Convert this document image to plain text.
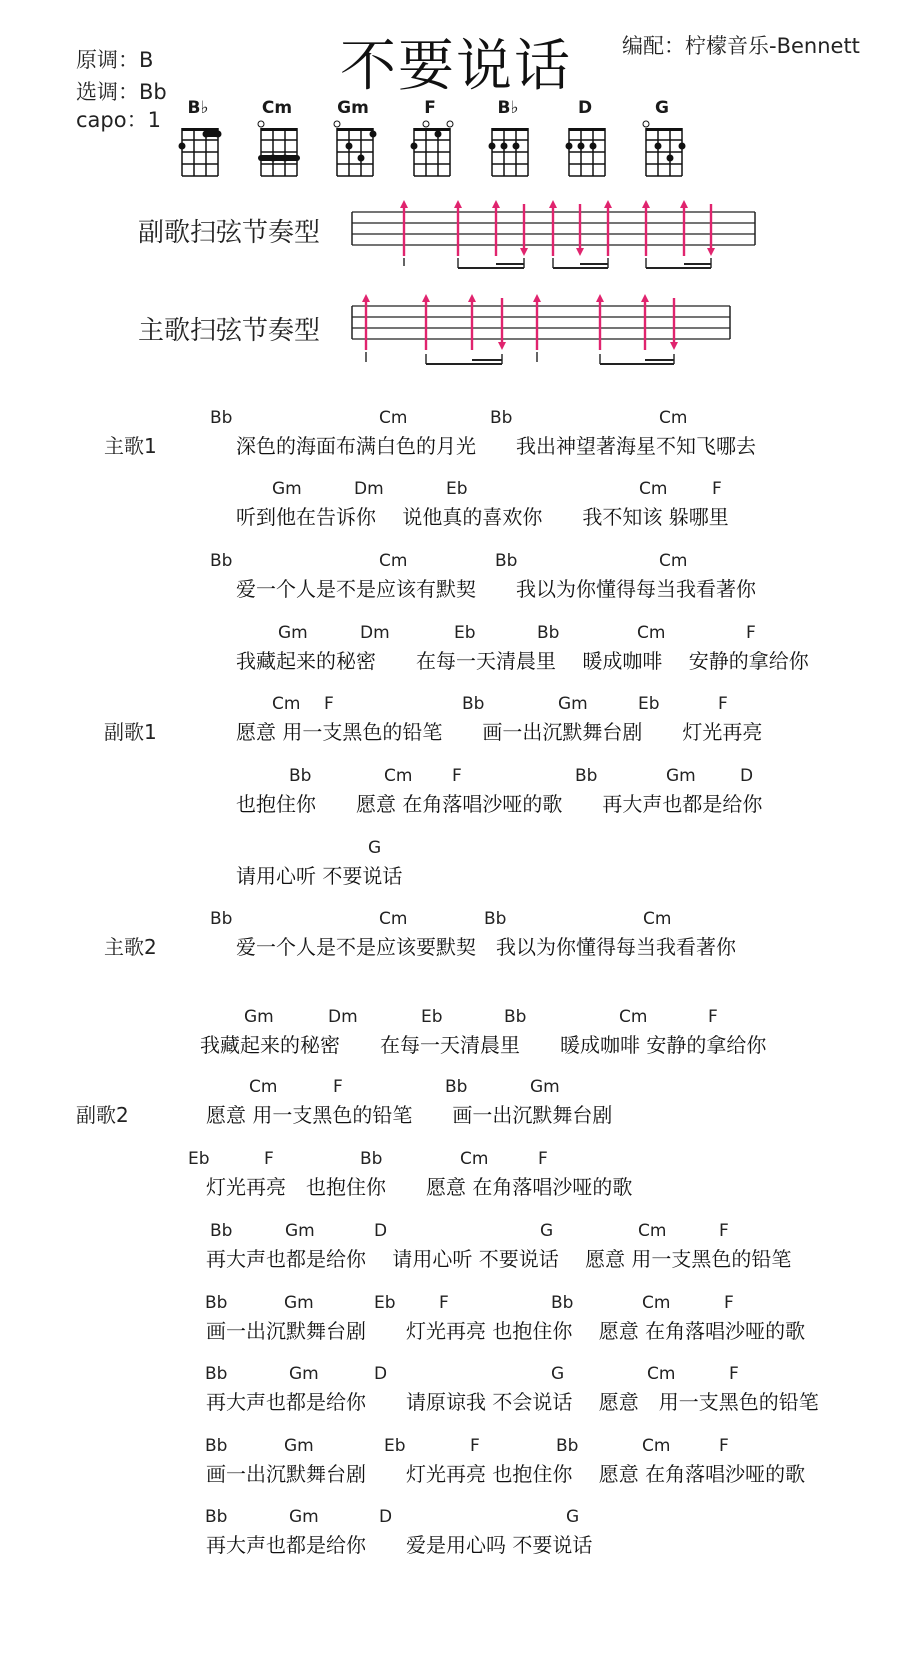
不要说话 编配：柠檬音乐-Bennett
原调：B
选调：Bb
capo：1 B♭	Cm	Gm	F	B♭	D	G
副歌扫弦节奏型
主歌扫弦节奏型
主歌1
副歌1
主歌2
副歌2
深色的海面布满白色的月光　　我出神望著海星不知飞哪去
Bb	Cm	Bb	Cm
听到他在告诉你　 说他真的喜欢你　　我不知该 躲哪里
Gm	Dm	Eb	Cm	F
爱一个人是不是应该有默契　　我以为你懂得每当我看著你
Bb	Cm	Bb	Cm
我藏起来的秘密　　在每一天清晨里　 暖成咖啡　 安静的拿给你
Gm	Dm	Eb	Bb	Cm	F
愿意 用一支黑色的铅笔　　画一出沉默舞台剧　　灯光再亮
Cm F	Bb	Gm	Eb	F
也抱住你　　愿意 在角落唱沙哑的歌　　再大声也都是给你
Bb	Cm F	Bb	Gm	D
请用心听 不要说话
G
爱一个人是不是应该要默契　我以为你懂得每当我看著你
Bb	Cm	Bb	Cm
我藏起来的秘密　　在每一天清晨里　　暖成咖啡 安静的拿给你
Gm	Dm	Eb	Bb	Cm	F
愿意 用一支黑色的铅笔　　画一出沉默舞台剧
Cm	F	Bb	Gm
灯光再亮　也抱住你　　愿意 在角落唱沙哑的歌
Eb	F	Bb	Cm	F
再大声也都是给你　 请用心听 不要说话　 愿意 用一支黑色的铅笔
Bb	Gm	D	G	Cm	F
画一出沉默舞台剧　　灯光再亮 也抱住你　 愿意 在角落唱沙哑的歌
Bb	Gm	Eb	F	Bb	Cm	F
再大声也都是给你　　请原谅我 不会说话　 愿意　用一支黑色的铅笔
Bb	Gm	D	G	Cm	F
画一出沉默舞台剧　　灯光再亮 也抱住你　 愿意 在角落唱沙哑的歌
Bb	Gm	Eb	F	Bb	Cm	F
再大声也都是给你　　爱是用心吗 不要说话
Bb	Gm	D	G
